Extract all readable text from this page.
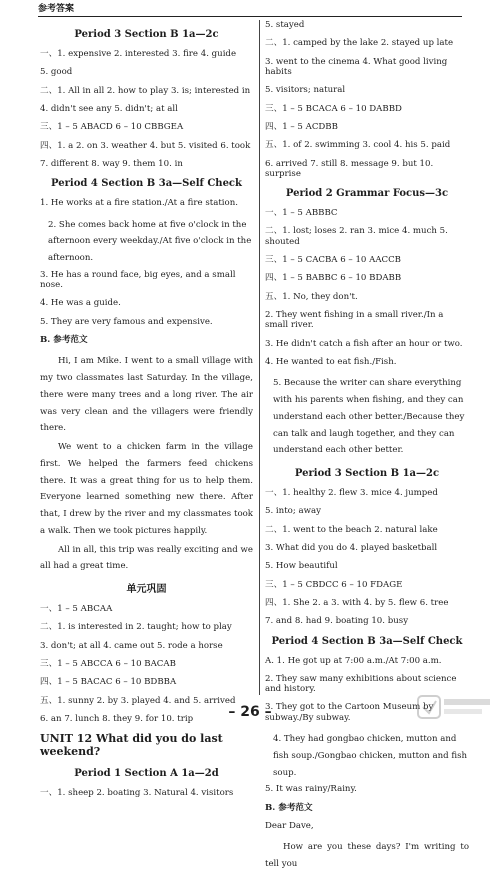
参考答案

Period 3 Section B 1a—2c

一、1. expensive 2. interested 3. fire 4. guide

5. good

二、1. All in all 2. how to play 3. is; interested in

4. didn't see any 5. didn't; at all

三、1 – 5 ABACD 6 – 10 CBBGEA

四、1. a 2. on 3. weather 4. but 5. visited 6. took

7. different 8. way 9. them 10. in

Period 4 Section B 3a—Self Check

1. He works at a fire station./At a fire station.

2. She comes back home at five o'clock in the afternoon every weekday./At five o'clock in the afternoon.

3. He has a round face, big eyes, and a small nose.

4. He was a guide.

5. They are very famous and expensive.

B. 参考范文

Hi, I am Mike. I went to a small village with my two classmates last Saturday. In the village, there were many trees and a long river. The air was very clean and the villagers were friendly there.

We went to a chicken farm in the village first. We helped the farmers feed chickens there. It was a great thing for us to help them. Everyone learned something new there. After that, I drew by the river and my classmates took a walk. Then we took pictures happily.

All in all, this trip was really exciting and we all had a great time.

单元巩固

一、1 – 5 ABCAA

二、1. is interested in 2. taught; how to play

3. don't; at all 4. came out 5. rode a horse

三、1 – 5 ABCCA 6 – 10 BACAB

四、1 – 5 BACAC 6 – 10 BDBBA

五、1. sunny 2. by 3. played 4. and 5. arrived

6. an 7. lunch 8. they 9. for 10. trip

UNIT 12 What did you do last weekend?

Period 1 Section A 1a—2d

一、1. sheep 2. boating 3. Natural 4. visitors

5. stayed

二、1. camped by the lake 2. stayed up late

3. went to the cinema 4. What good living habits

5. visitors; natural

三、1 – 5 BCACA 6 – 10 DABBD

四、1 – 5 ACDBB

五、1. of 2. swimming 3. cool 4. his 5. paid

6. arrived 7. still 8. message 9. but 10. surprise

Period 2 Grammar Focus—3c

一、1 – 5 ABBBC

二、1. lost; loses 2. ran 3. mice 4. much 5. shouted

三、1 – 5 CACBA 6 – 10 AACCB

四、1 – 5 BABBC 6 – 10 BDABB

五、1. No, they don't.

2. They went fishing in a small river./In a small river.

3. He didn't catch a fish after an hour or two.

4. He wanted to eat fish./Fish.

5. Because the writer can share everything with his parents when fishing, and they can understand each other better./Because they can talk and laugh together, and they can understand each other better.

Period 3 Section B 1a—2c

一、1. healthy 2. flew 3. mice 4. jumped

5. into; away

二、1. went to the beach 2. natural lake

3. What did you do 4. played basketball

5. How beautiful

三、1 – 5 CBDCC 6 – 10 FDAGE

四、1. She 2. a 3. with 4. by 5. flew 6. tree

7. and 8. had 9. boating 10. busy

Period 4 Section B 3a—Self Check

A. 1. He got up at 7:00 a.m./At 7:00 a.m.

2. They saw many exhibitions about science and history.

3. They got to the Cartoon Museum by subway./By subway.

4. They had gongbao chicken, mutton and fish soup./Gongbao chicken, mutton and fish soup.

5. It was rainy/Rainy.

B. 参考范文

Dear Dave,

How are you these days? I'm writing to tell you

– 26 –
